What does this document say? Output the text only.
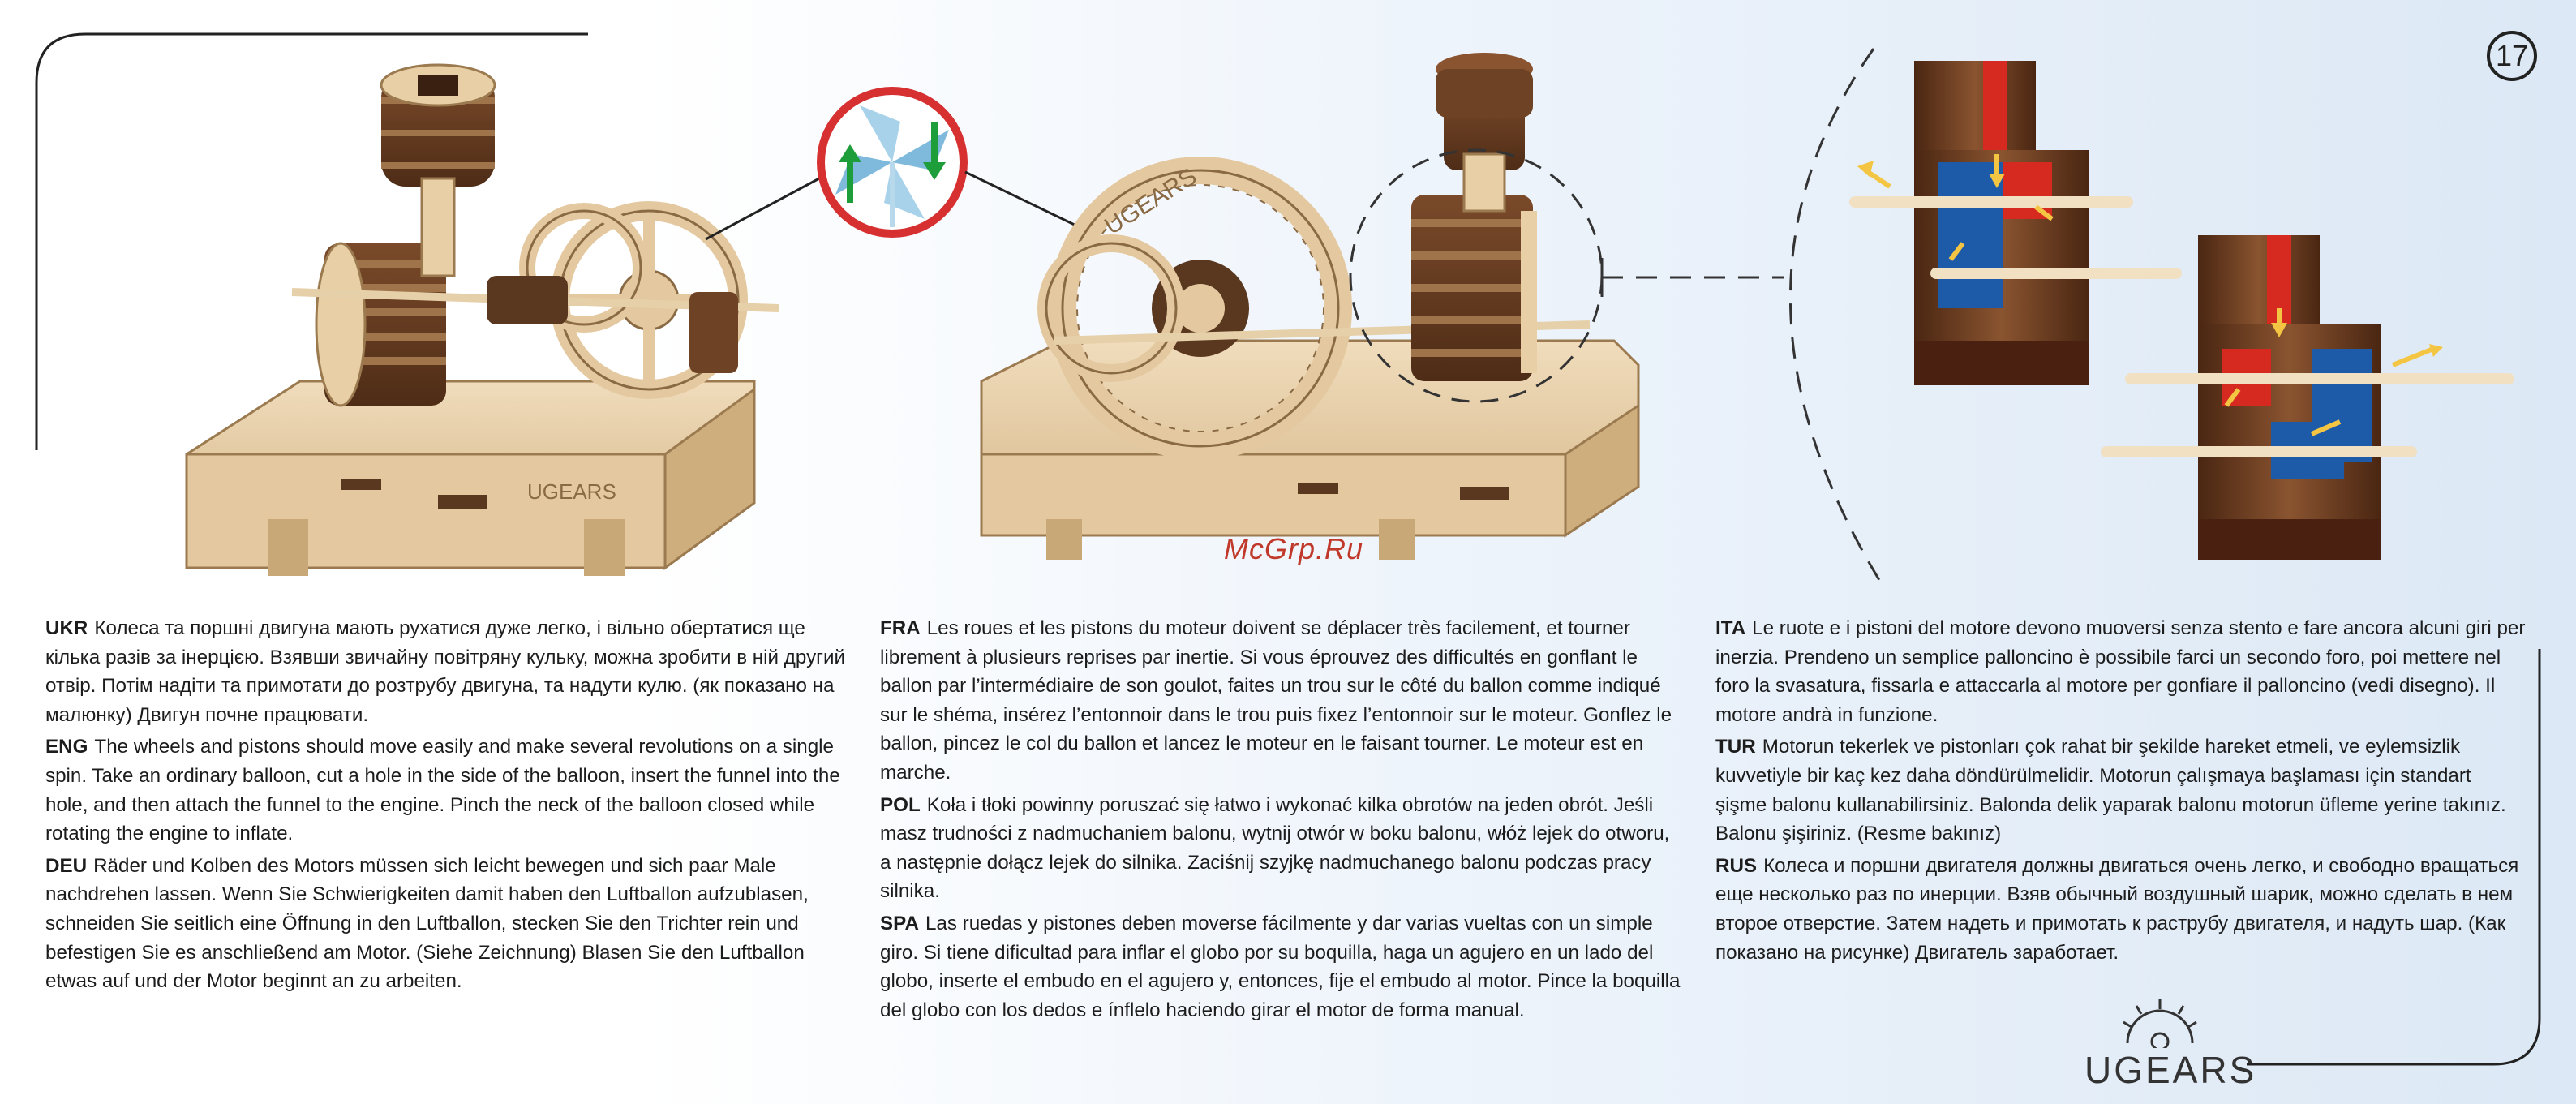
UGEARS
UGEARS
17
McGrp.Ru

UKR Колеса та поршні двигуна мають рухатися дуже легко, і вільно обертатися ще кілька разів за інерцією. Взявши звичайну повітряну кульку, можна зробити в ній другий отвір. Потім надіти та примотати до розтрубу двигуна, та надути кулю. (як показано на малюнку) Двигун почне працювати.

ENG The wheels and pistons should move easily and make several revolutions on a single spin. Take an ordinary balloon, cut a hole in the side of the balloon, insert the funnel into the hole, and then attach the funnel to the engine. Pinch the neck of the balloon closed while rotating the engine to inflate.

DEU Räder und Kolben des Motors müssen sich leicht bewegen und sich paar Male nachdrehen lassen. Wenn Sie Schwierigkeiten damit haben den Luftballon aufzublasen, schneiden Sie seitlich eine Öffnung in den Luftballon, stecken Sie den Trichter rein und befestigen Sie es anschließend am Motor. (Siehe Zeichnung) Blasen Sie den Luftballon etwas auf und der Motor beginnt an zu arbeiten.

FRA Les roues et les pistons du moteur doivent se déplacer très facilement, et tourner librement à plusieurs reprises par inertie. Si vous éprouvez des difficultés en gonflant le ballon par l’intermédiaire de son goulot, faites un trou sur le côté du ballon comme indiqué sur le shéma, insérez l’entonnoir dans le trou puis fixez l’entonnoir sur le moteur. Gonflez le ballon, pincez le col du ballon et lancez le moteur en le faisant tourner. Le moteur est en marche.

POL Koła i tłoki powinny poruszać się łatwo i wykonać kilka obrotów na jeden obrót. Jeśli masz trudności z nadmuchaniem balonu, wytnij otwór w boku balonu, włóż lejek do otworu, a następnie dołącz lejek do silnika. Zaciśnij szyjkę nadmuchanego balonu podczas pracy silnika.

SPA Las ruedas y pistones deben moverse fácilmente y dar varias vueltas con un simple giro. Si tiene dificultad para inflar el globo por su boquilla, haga un agujero en un lado del globo, inserte el embudo en el agujero y, entonces, fije el embudo al motor. Pince la boquilla del globo con los dedos e ínflelo haciendo girar el motor de forma manual.

ITA Le ruote e i pistoni del motore devono muoversi senza stento e fare ancora alcuni giri per inerzia. Prendeno un semplice palloncino è possibile farci un secondo foro, poi mettere nel foro la svasatura, fissarla e attaccarla al motore per gonfiare il palloncino (vedi disegno). Il motore andrà in funzione.

TUR Motorun tekerlek ve pistonları çok rahat bir şekilde hareket etmeli, ve eylemsizlik kuvvetiyle bir kaç kez daha döndürülmelidir. Motorun çalışmaya başlaması için standart şişme balonu kullanabilirsiniz. Balonda delik yaparak balonu motorun üfleme yerine takınız. Balonu şişiriniz. (Resme bakınız)

RUS Колеса и поршни двигателя должны двигаться очень легко, и свободно вращаться еще несколько раз по инерции. Взяв обычный воздушный шарик, можно сделать в нем второе отверстие. Затем надеть и примотать к раструбу двигателя, и надуть шар. (Как показано на рисунке) Двигатель заработает.

UGEARS
